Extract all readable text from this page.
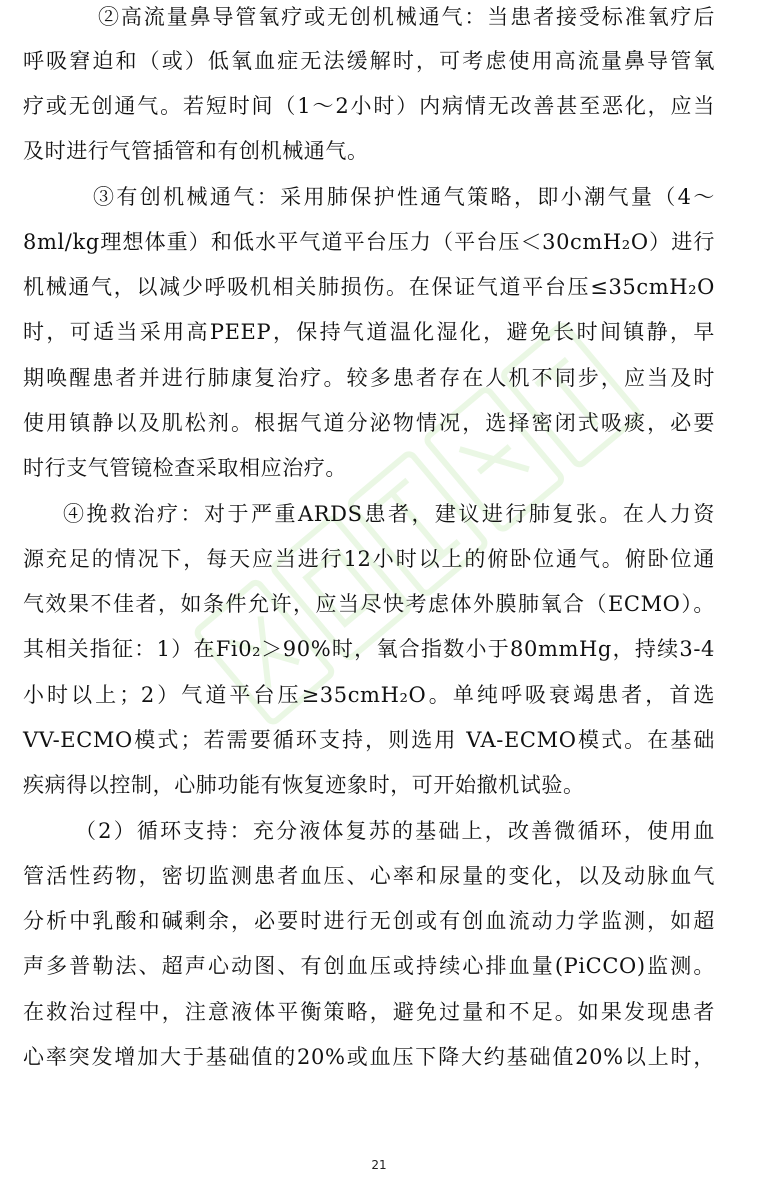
②高流量鼻导管氧疗或无创机械通气：当患者接受标准氧疗后
呼吸窘迫和（或）低氧血症无法缓解时，可考虑使用高流量鼻导管氧
疗或无创通气。若短时间（1～2小时）内病情无改善甚至恶化，应当
及时进行气管插管和有创机械通气。
③有创机械通气：采用肺保护性通气策略，即小潮气量（4～
8ml/kg理想体重）和低水平气道平台压力（平台压＜30cmH₂O）进行
机械通气，以减少呼吸机相关肺损伤。在保证气道平台压≤35cmH₂O
时，可适当采用高PEEP，保持气道温化湿化，避免长时间镇静，早
期唤醒患者并进行肺康复治疗。较多患者存在人机不同步，应当及时
使用镇静以及肌松剂。根据气道分泌物情况，选择密闭式吸痰，必要
时行支气管镜检查采取相应治疗。
④挽救治疗：对于严重ARDS患者，建议进行肺复张。在人力资
源充足的情况下，每天应当进行12小时以上的俯卧位通气。俯卧位通
气效果不佳者，如条件允许，应当尽快考虑体外膜肺氧合（ECMO）。
其相关指征：1）在Fi0₂＞90%时，氧合指数小于80mmHg，持续3-4
小时以上；2）气道平台压≥35cmH₂O。单纯呼吸衰竭患者，首选
VV-ECMO模式；若需要循环支持，则选用 VA-ECMO模式。在基础
疾病得以控制，心肺功能有恢复迹象时，可开始撤机试验。
（2）循环支持：充分液体复苏的基础上，改善微循环，使用血
管活性药物，密切监测患者血压、心率和尿量的变化，以及动脉血气
分析中乳酸和碱剩余，必要时进行无创或有创血流动力学监测，如超
声多普勒法、超声心动图、有创血压或持续心排血量(PiCCO)监测。
在救治过程中，注意液体平衡策略，避免过量和不足。如果发现患者
心率突发增加大于基础值的20%或血压下降大约基础值20%以上时，
21
